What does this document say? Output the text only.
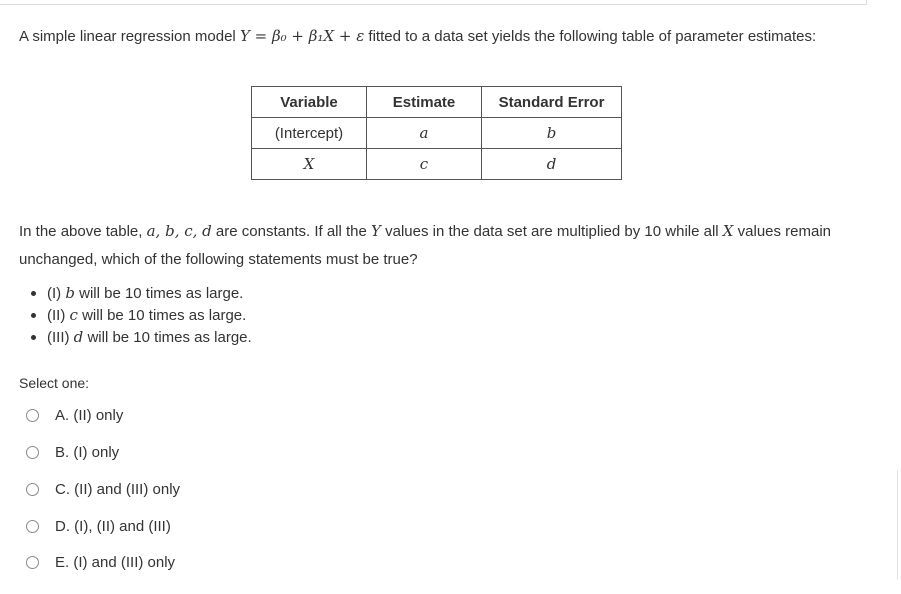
A simple linear regression model Y = β₀ + β₁X + ε fitted to a data set yields the following table of parameter estimates:
Variable	Estimate	Standard Error
(Intercept)	a	b
X	c	d
In the above table, a, b, c, d are constants. If all the Y values in the data set are multiplied by 10 while all X values remain unchanged, which of the following statements must be true?
(I) b will be 10 times as large.
(II) c will be 10 times as large.
(III) d will be 10 times as large.
Select one:
A. (II) only
B. (I) only
C. (II) and (III) only
D. (I), (II) and (III)
E. (I) and (III) only
